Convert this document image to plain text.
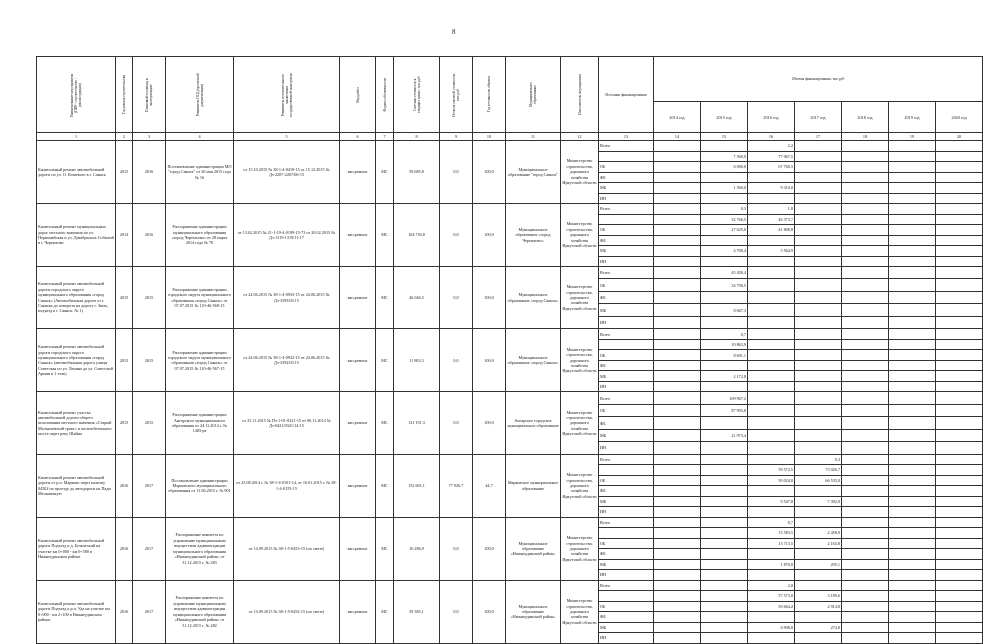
8
Наименование мероприятия (ПИР / строительство / реконструкция)	Год начала строительства	Плановый год ввода в эксплуатацию	Реквизиты ПСД (проектной документации)	Реквизиты положительного заключения государственной экспертизы	Вид работ	Форма собственности	Сметная стоимость в текущих ценах, тыс.руб	Остаток сметной стоимости, тыс.руб	Год готовности объекта	Муниципальное образование	Исполнитель мероприятия	Источник финансирования	Объемы финансирования, тыс.руб						
													2014 год	2015 год	2016 год	2017 год	2018 год	2019 год	2020 год
1	2	3	4	5	6	7	8	9	10	11	12	13	14	15	16	17	18	19	20
Капитальный ремонт автомобильной дороги по ул. О. Кошевого в г. Саянск	2015	2016	Постановление администрации МО "город Саянск" от 20 мая 2015 года № 16	от 15.10.2015 № 38-1-4-0419-15 от 15.12.2015 № Дз-2207-2207/06-15	кап.ремонт	МС	59 685,8	0,0	100,0	Муниципальное образование "город Саянск"	Министерство строительства, дорожного хозяйства Иркутской области	Всего			2,2				
														7 560,0	77 067,5				
												ОБ		6 000,0	67 766,5				
												ФБ							
												МБ		1 560,0	9 310,0				
												ИН							
Капитальный ремонт муниципальных дорог местного значения по ул. Первомайская и ул. Декабрьских Событий в г. Черемхово	2014	2016	Распоряжение администрации муниципального образования «город Черемхово» от 28 марта 2014 года № 70	от 13.02.2015 № 21-1-19-4-0199-15-73 от 20.02.2015 № Дз-1319-1319/11-17	кап.ремонт	МС	104 730,8	0,0	100,0	Муниципальное образование «город Черемхово»	Министерство строительства, дорожного хозяйства Иркутской области	Всего		0,3	1,8				
														32 766,5	46 373,7				
												ОБ		27 625,0	41 808,8				
												ФБ							
												МБ		4 700,4	5 564,9				
												ИН							
Капитальный ремонт автомобильной дороги городского округа муниципального образования «город Саянск» (Автомобильная дорога от г. Саянска до поворота на дорогу г. Зима, подъезд к г. Саянск, № 1)	2015	2015	Распоряжение администрации городского округа муниципального образования «город Саянск» от 07.07.2015 № 110-46-568-15	от 24.06.2015 № 38-1-4-0933-15 от 24.06.2015 № Дз-3393/03.15	кап.ремонт	МС	46 046,5	0,0	100,0	Муниципальное образование «город Саянск»	Министерство строительства, дорожного хозяйства Иркутской области	Всего		45 458,4					
												ОБ		34 790,5					
												ФБ							
												МБ		8 667,3					
												ИН							
Капитальный ремонт автомобильной дороги городского округа муниципального образования «город Саянск» (автомобильная дорога улицы Советская по ул. Ленина до ул. Советской Армии в 1 этап)	2015	2015	Распоряжение администрации городского округа муниципального образования «город Саянск» от 07.07.2015 № 110-46-567-15	от 24.06.2015 № 38-1-4-0932-15 от 24.06.2015 № Дз-3392/03.15	кап.ремонт	МС	11 803,3	0,0	100,0	Муниципальное образование «город Саянск»	Министерство строительства, дорожного хозяйства Иркутской области	Всего		0,7					
														10 863,9					
												ОБ		8 691,1					
												ФБ							
												МБ		2 172,8					
												ИН							
Капитальный ремонт участка автомобильной дороги общего пользования местного значения «Старый Малышевский тракт» и железобетонного моста через реку Шайма	2015	2015	Распоряжение администрации Ангарского муниципального образования от 24.11.2014 г. № 1483-ра	от 25.11.2015 № Пз-1-01-0321-15 от 06.11.2014 № Дз-0421/0321/14-15	кап.ремонт	МС	131 191,3	0,0	100,0	Ангарское городское муниципальное образование	Министерство строительства, дорожного хозяйства Иркутской области	Всего		109 967,2					
												ОБ		87 993,8					
												ФБ							
												МБ		21 973,4					
												ИН							
Капитальный ремонт автомобильной дороги от р.п. Марково через калитку 04502 по проезду до автодороги на Пади Мельничную	2016	2017	Постановление администрации Марковского муниципального образования от 11.06.2015 г. № 901	от 25.08.2014 г. № 38-1-4-0101-14, от 16.01.2015 г. № 38-1-4-0155-15	кап.ремонт	МС	152 691,1	77 926,7	44,7	Марковское муниципальное образование	Министерство строительства, дорожного хозяйства Иркутской области	Всего				0,3			
															59 572,5	73 026,7			
												ОБ			50 024,8	66 535,0			
												ФБ							
												МБ			9 547,8	7 392,9			
												ИН							
Капитальный ремонт автомобильной дороги Подъезд к д. Бельческий на участке км 0+000 - км 0+580 в Нижнеудинском районе	2016	2017	Распоряжение комитета по управлению муниципальным имуществом администрации муниципального образования «Нижнеудинский район» от 31.12.2015 г. № 283	от 14.09.2015 № 38-1-5-0453-15 (по смете)	кап.ремонт	МС	16 286,9	0,0	100,0	Муниципальное образование «Нижнеудинский район»	Министерство строительства, дорожного хозяйства Иркутской области	Всего			0,7				
															15 583,5	2 458,9			
												ОБ			13 713,5	2 163,8			
												ФБ							
												МБ			1 870,0	295,1			
												ИН							
Капитальный ремонт автомобильной дороги Подъезд к р.п. Уда на участке км 0+000 - км 2+100 в Нижнеудинском районе	2016	2017	Распоряжение комитета по управлению муниципальным имуществом администрации муниципального образования «Нижнеудинский район» от 31.12.2015 г. № 282	от 14.09.2015 № 38-1-5-0452-15 (по смете)	кап.ремонт	МС	39 385,1	0,0	100,0	Муниципальное образование «Нижнеудинский район»	Министерство строительства, дорожного хозяйства Иркутской области	Всего			2,0				
															57 573,0	3 189,6			
												ОБ			50 664,2	2 914,8			
												ФБ							
												МБ			6 908,8	274,8			
												ИН							
